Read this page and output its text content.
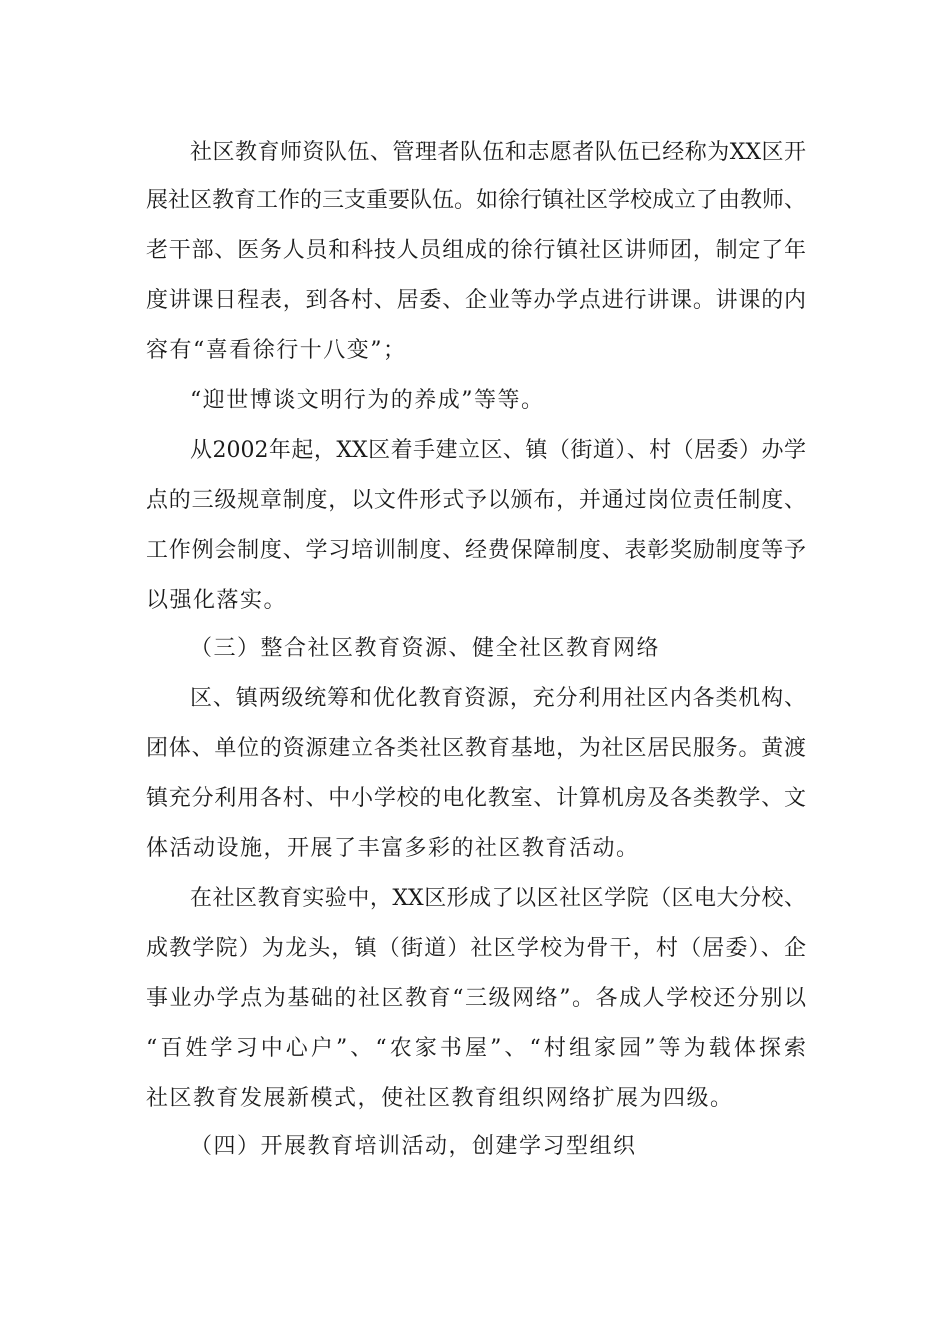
社区教育师资队伍、管理者队伍和志愿者队伍已经称为XX区开
展社区教育工作的三支重要队伍。如徐行镇社区学校成立了由教师、
老干部、医务人员和科技人员组成的徐行镇社区讲师团，制定了年
度讲课日程表，到各村、居委、企业等办学点进行讲课。讲课的内
容有“喜看徐行十八变”；
“迎世博谈文明行为的养成”等等。
从2002年起，XX区着手建立区、镇（街道）、村（居委）办学
点的三级规章制度，以文件形式予以颁布，并通过岗位责任制度、
工作例会制度、学习培训制度、经费保障制度、表彰奖励制度等予
以强化落实。
（三）整合社区教育资源、健全社区教育网络
区、镇两级统筹和优化教育资源，充分利用社区内各类机构、
团体、单位的资源建立各类社区教育基地，为社区居民服务。黄渡
镇充分利用各村、中小学校的电化教室、计算机房及各类教学、文
体活动设施，开展了丰富多彩的社区教育活动。
在社区教育实验中，XX区形成了以区社区学院（区电大分校、
成教学院）为龙头，镇（街道）社区学校为骨干，村（居委）、企
事业办学点为基础的社区教育“三级网络”。各成人学校还分别以
“百姓学习中心户”、“农家书屋”、“村组家园”等为载体探索
社区教育发展新模式，使社区教育组织网络扩展为四级。
（四）开展教育培训活动，创建学习型组织
